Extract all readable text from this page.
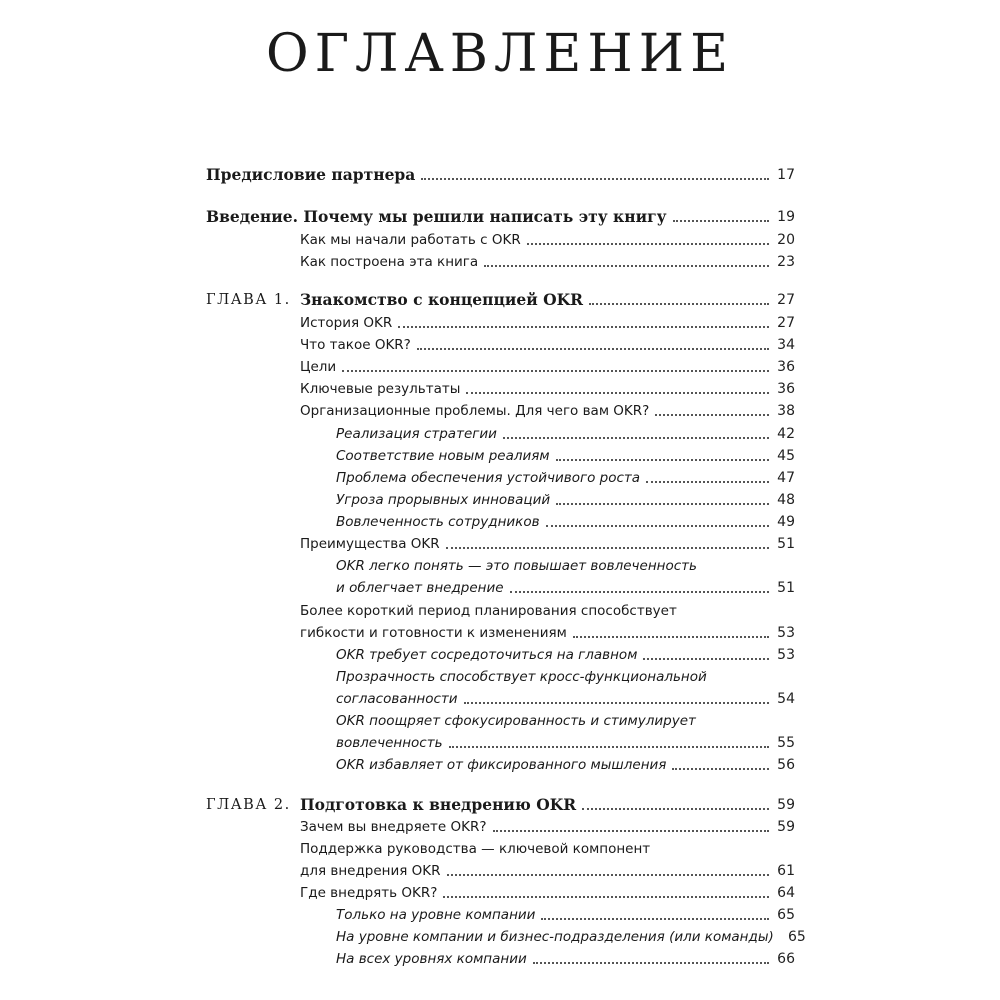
ОГЛАВЛЕНИЕ
Предисловие партнера	17
Введение. Почему мы решили написать эту книгу	19
Как мы начали работать с OKR	20
Как построена эта книга	23
ГЛАВА 1. Знакомство с концепцией OKR	27
История OKR	27
Что такое OKR?	34
Цели	36
Ключевые результаты	36
Организационные проблемы. Для чего вам OKR?	38
Реализация стратегии	42
Соответствие новым реалиям	45
Проблема обеспечения устойчивого роста	47
Угроза прорывных инноваций	48
Вовлеченность сотрудников	49
Преимущества OKR	51
OKR легко понять — это повышает вовлеченность
и облегчает внедрение	51
Более короткий период планирования способствует
гибкости и готовности к изменениям	53
OKR требует сосредоточиться на главном	53
Прозрачность способствует кросс-функциональной
согласованности	54
OKR поощряет сфокусированность и стимулирует
вовлеченность	55
OKR избавляет от фиксированного мышления	56
ГЛАВА 2. Подготовка к внедрению OKR	59
Зачем вы внедряете OKR?	59
Поддержка руководства — ключевой компонент
для внедрения OKR	61
Где внедрять OKR?	64
Только на уровне компании	65
На уровне компании и бизнес-подразделения (или команды) 65
На всех уровнях компании	66
